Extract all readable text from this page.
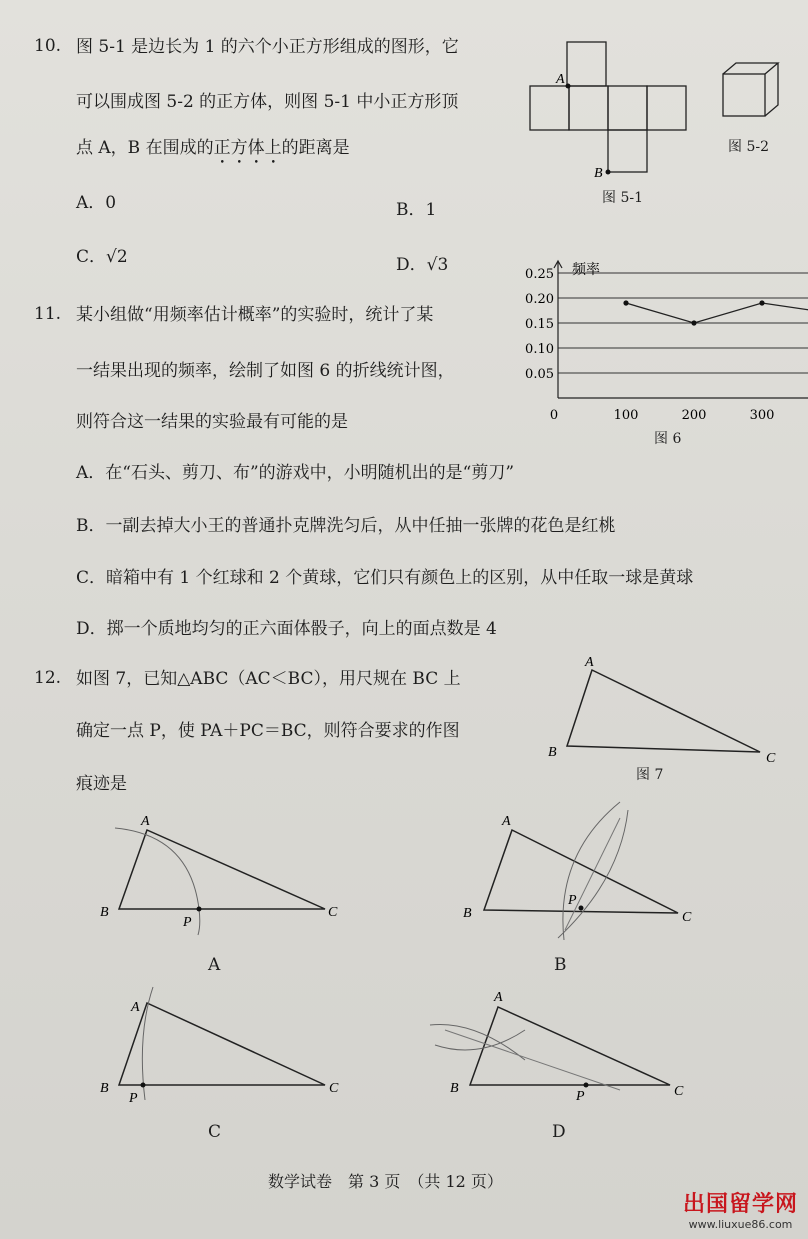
10. 图 5-1 是边长为 1 的六个小正方形组成的图形，它
可以围成图 5-2 的正方体，则图 5-1 中小正方形顶
点 A，B 在围成的正方体上的距离是
A．0	B．1
C．√2	D．√3
A
B
图 5-1
图 5-2
11. 某小组做“用频率估计概率”的实验时，统计了某
一结果出现的频率，绘制了如图 6 的折线统计图，
则符合这一结果的实验最有可能的是
A．在“石头、剪刀、布”的游戏中，小明随机出的是“剪刀”
B．一副去掉大小王的普通扑克牌洗匀后，从中任抽一张牌的花色是红桃
C．暗箱中有 1 个红球和 2 个黄球，它们只有颜色上的区别，从中任取一球是黄球
D．掷一个质地均匀的正六面体骰子，向上的面点数是 4
0.05
0.10
0.15
0.20
0.25
0	100	200	300
频率
图 6
12. 如图 7，已知△ABC（AC＜BC），用尺规在 BC 上
确定一点 P，使 PA＋PC＝BC，则符合要求的作图
痕迹是
A
B	C
图 7
A
B	C
P
A
A
B	C
P
B
A
B	C
P
C
A
B	C
P
D
数学试卷　第 3 页　（共 12 页）
出国留学网
www.liuxue86.com
